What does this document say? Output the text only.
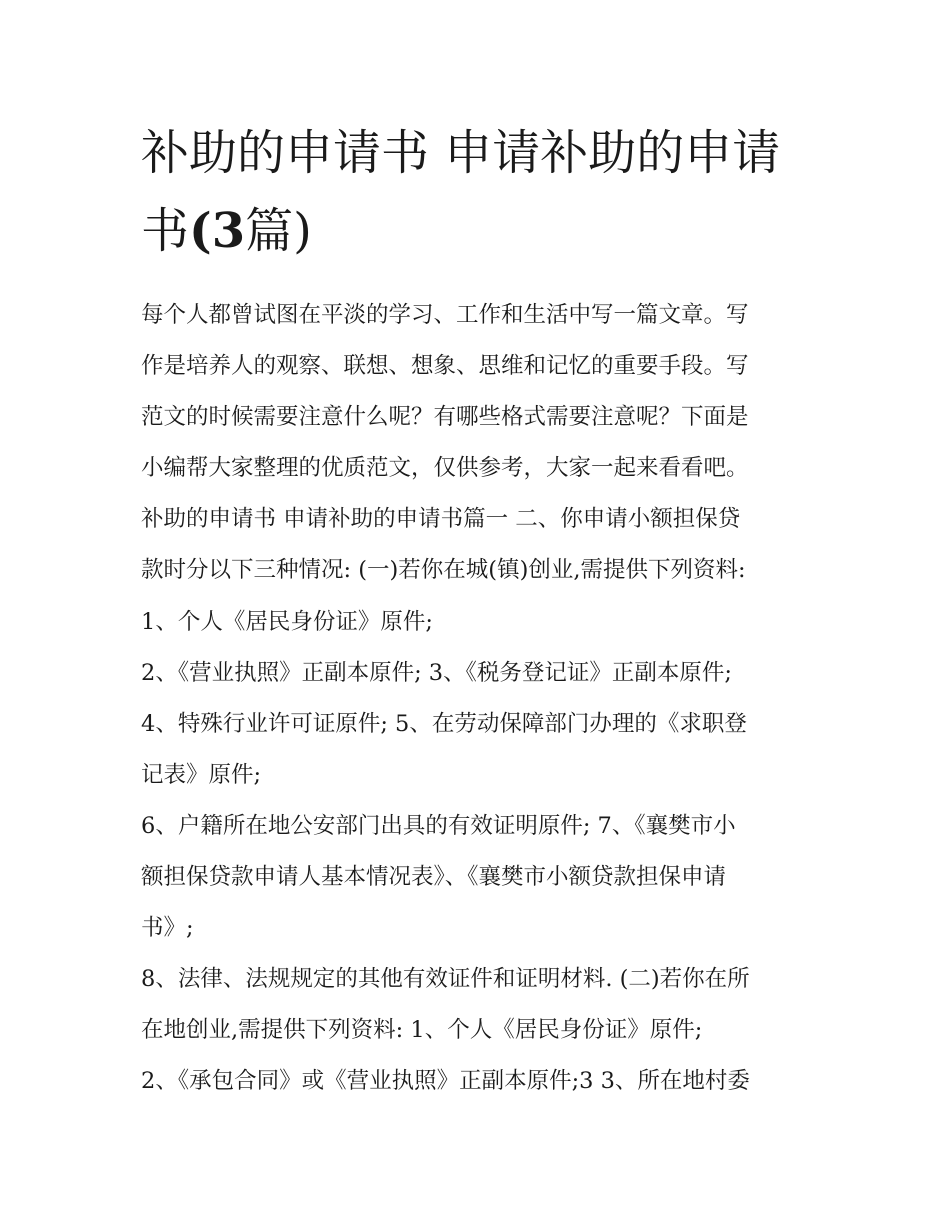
补助的申请书 申请补助的申请
书(3篇)
每个人都曾试图在平淡的学习、工作和生活中写一篇文章。写
作是培养人的观察、联想、想象、思维和记忆的重要手段。写
范文的时候需要注意什么呢？有哪些格式需要注意呢？下面是
小编帮大家整理的优质范文，仅供参考，大家一起来看看吧。
补助的申请书 申请补助的申请书篇一 二、你申请小额担保贷
款时分以下三种情况: (一)若你在城(镇)创业,需提供下列资料:
1、个人《居民身份证》原件;
2、《营业执照》正副本原件; 3、《税务登记证》正副本原件;
4、特殊行业许可证原件; 5、在劳动保障部门办理的《求职登
记表》原件;
6、户籍所在地公安部门出具的有效证明原件; 7、《襄樊市小
额担保贷款申请人基本情况表》、《襄樊市小额贷款担保申请
书》;
8、法律、法规规定的其他有效证件和证明材料. (二)若你在所
在地创业,需提供下列资料: 1、个人《居民身份证》原件;
2、《承包合同》或《营业执照》正副本原件;3 3、所在地村委
